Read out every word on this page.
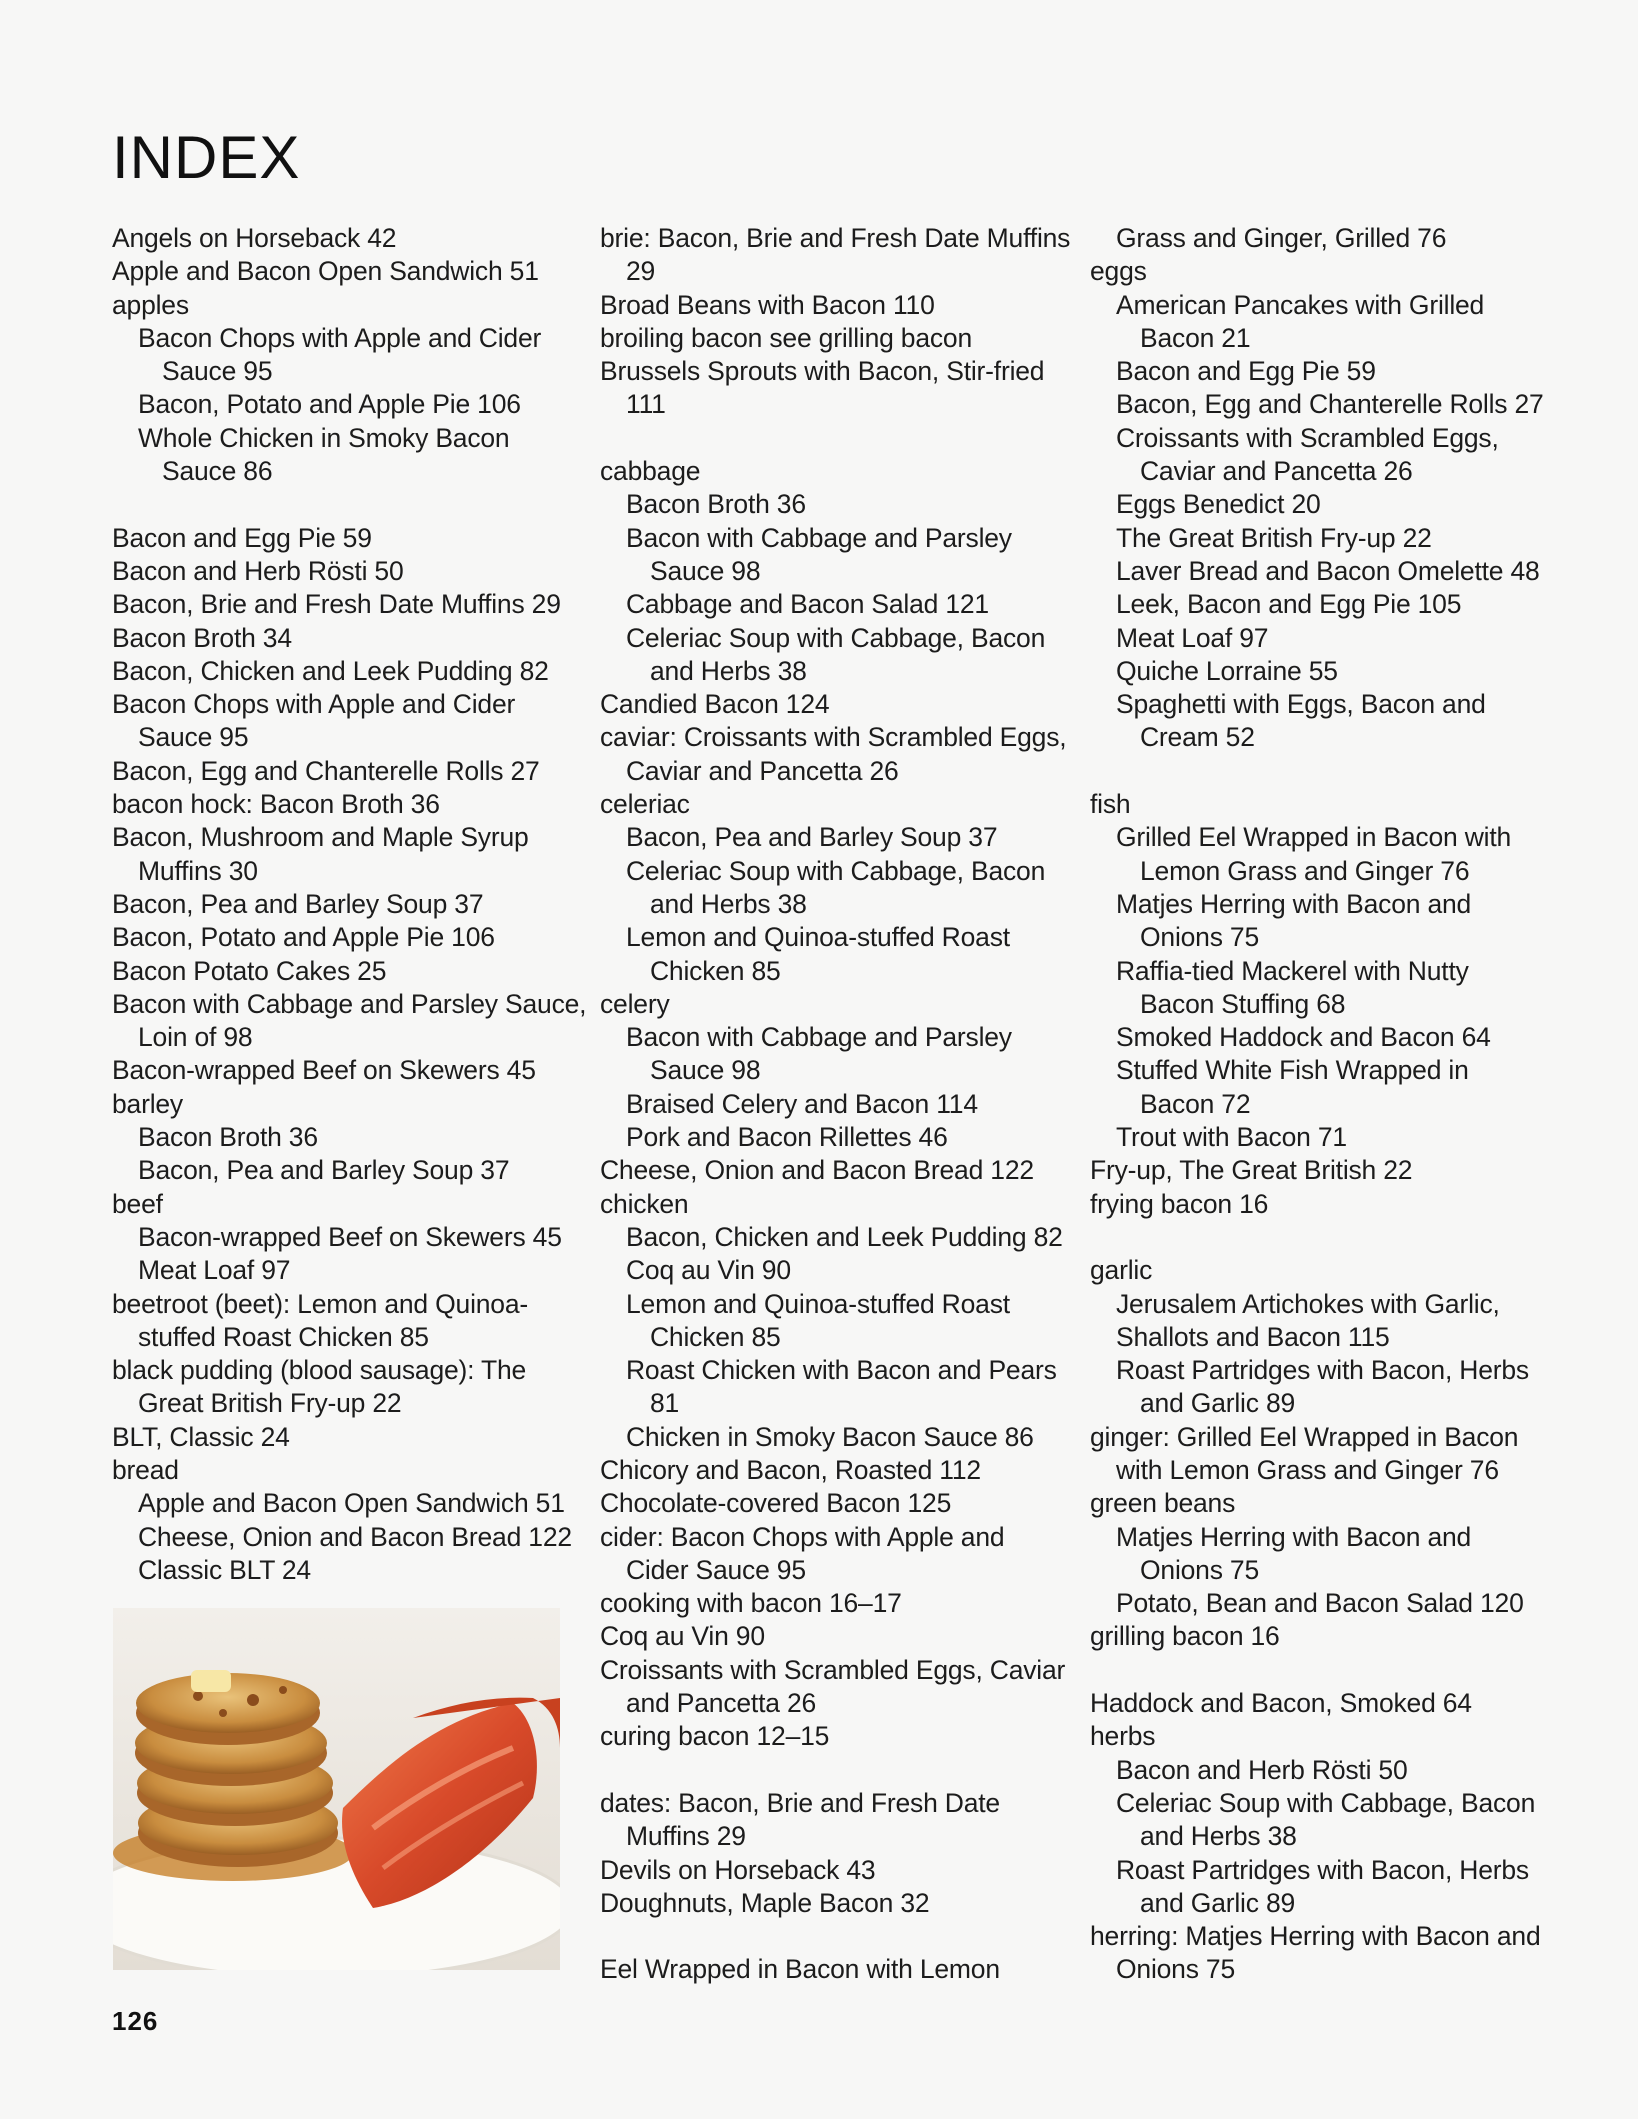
INDEX
Angels on Horseback 42
Apple and Bacon Open Sandwich 51
apples
Bacon Chops with Apple and Cider
Sauce 95
Bacon, Potato and Apple Pie 106
Whole Chicken in Smoky Bacon
Sauce 86
Bacon and Egg Pie 59
Bacon and Herb Rösti 50
Bacon, Brie and Fresh Date Muffins 29
Bacon Broth 34
Bacon, Chicken and Leek Pudding 82
Bacon Chops with Apple and Cider
Sauce 95
Bacon, Egg and Chanterelle Rolls 27
bacon hock: Bacon Broth 36
Bacon, Mushroom and Maple Syrup
Muffins 30
Bacon, Pea and Barley Soup 37
Bacon, Potato and Apple Pie 106
Bacon Potato Cakes 25
Bacon with Cabbage and Parsley Sauce,
Loin of 98
Bacon-wrapped Beef on Skewers 45
barley
Bacon Broth 36
Bacon, Pea and Barley Soup 37
beef
Bacon-wrapped Beef on Skewers 45
Meat Loaf 97
beetroot (beet): Lemon and Quinoa-
stuffed Roast Chicken 85
black pudding (blood sausage): The
Great British Fry-up 22
BLT, Classic 24
bread
Apple and Bacon Open Sandwich 51
Cheese, Onion and Bacon Bread 122
Classic BLT 24
brie: Bacon, Brie and Fresh Date Muffins
29
Broad Beans with Bacon 110
broiling bacon see grilling bacon
Brussels Sprouts with Bacon, Stir-fried
111
cabbage
Bacon Broth 36
Bacon with Cabbage and Parsley
Sauce 98
Cabbage and Bacon Salad 121
Celeriac Soup with Cabbage, Bacon
and Herbs 38
Candied Bacon 124
caviar: Croissants with Scrambled Eggs,
Caviar and Pancetta 26
celeriac
Bacon, Pea and Barley Soup 37
Celeriac Soup with Cabbage, Bacon
and Herbs 38
Lemon and Quinoa-stuffed Roast
Chicken 85
celery
Bacon with Cabbage and Parsley
Sauce 98
Braised Celery and Bacon 114
Pork and Bacon Rillettes 46
Cheese, Onion and Bacon Bread 122
chicken
Bacon, Chicken and Leek Pudding 82
Coq au Vin 90
Lemon and Quinoa-stuffed Roast
Chicken 85
Roast Chicken with Bacon and Pears
81
Chicken in Smoky Bacon Sauce 86
Chicory and Bacon, Roasted 112
Chocolate-covered Bacon 125
cider: Bacon Chops with Apple and
Cider Sauce 95
cooking with bacon 16–17
Coq au Vin 90
Croissants with Scrambled Eggs, Caviar
and Pancetta 26
curing bacon 12–15
dates: Bacon, Brie and Fresh Date
Muffins 29
Devils on Horseback 43
Doughnuts, Maple Bacon 32
Eel Wrapped in Bacon with Lemon
Grass and Ginger, Grilled 76
eggs
American Pancakes with Grilled
Bacon 21
Bacon and Egg Pie 59
Bacon, Egg and Chanterelle Rolls 27
Croissants with Scrambled Eggs,
Caviar and Pancetta 26
Eggs Benedict 20
The Great British Fry-up 22
Laver Bread and Bacon Omelette 48
Leek, Bacon and Egg Pie 105
Meat Loaf 97
Quiche Lorraine 55
Spaghetti with Eggs, Bacon and
Cream 52
fish
Grilled Eel Wrapped in Bacon with
Lemon Grass and Ginger 76
Matjes Herring with Bacon and
Onions 75
Raffia-tied Mackerel with Nutty
Bacon Stuffing 68
Smoked Haddock and Bacon 64
Stuffed White Fish Wrapped in
Bacon 72
Trout with Bacon 71
Fry-up, The Great British 22
frying bacon 16
garlic
Jerusalem Artichokes with Garlic,
Shallots and Bacon 115
Roast Partridges with Bacon, Herbs
and Garlic 89
ginger: Grilled Eel Wrapped in Bacon
with Lemon Grass and Ginger 76
green beans
Matjes Herring with Bacon and
Onions 75
Potato, Bean and Bacon Salad 120
grilling bacon 16
Haddock and Bacon, Smoked 64
herbs
Bacon and Herb Rösti 50
Celeriac Soup with Cabbage, Bacon
and Herbs 38
Roast Partridges with Bacon, Herbs
and Garlic 89
herring: Matjes Herring with Bacon and
Onions 75
126
